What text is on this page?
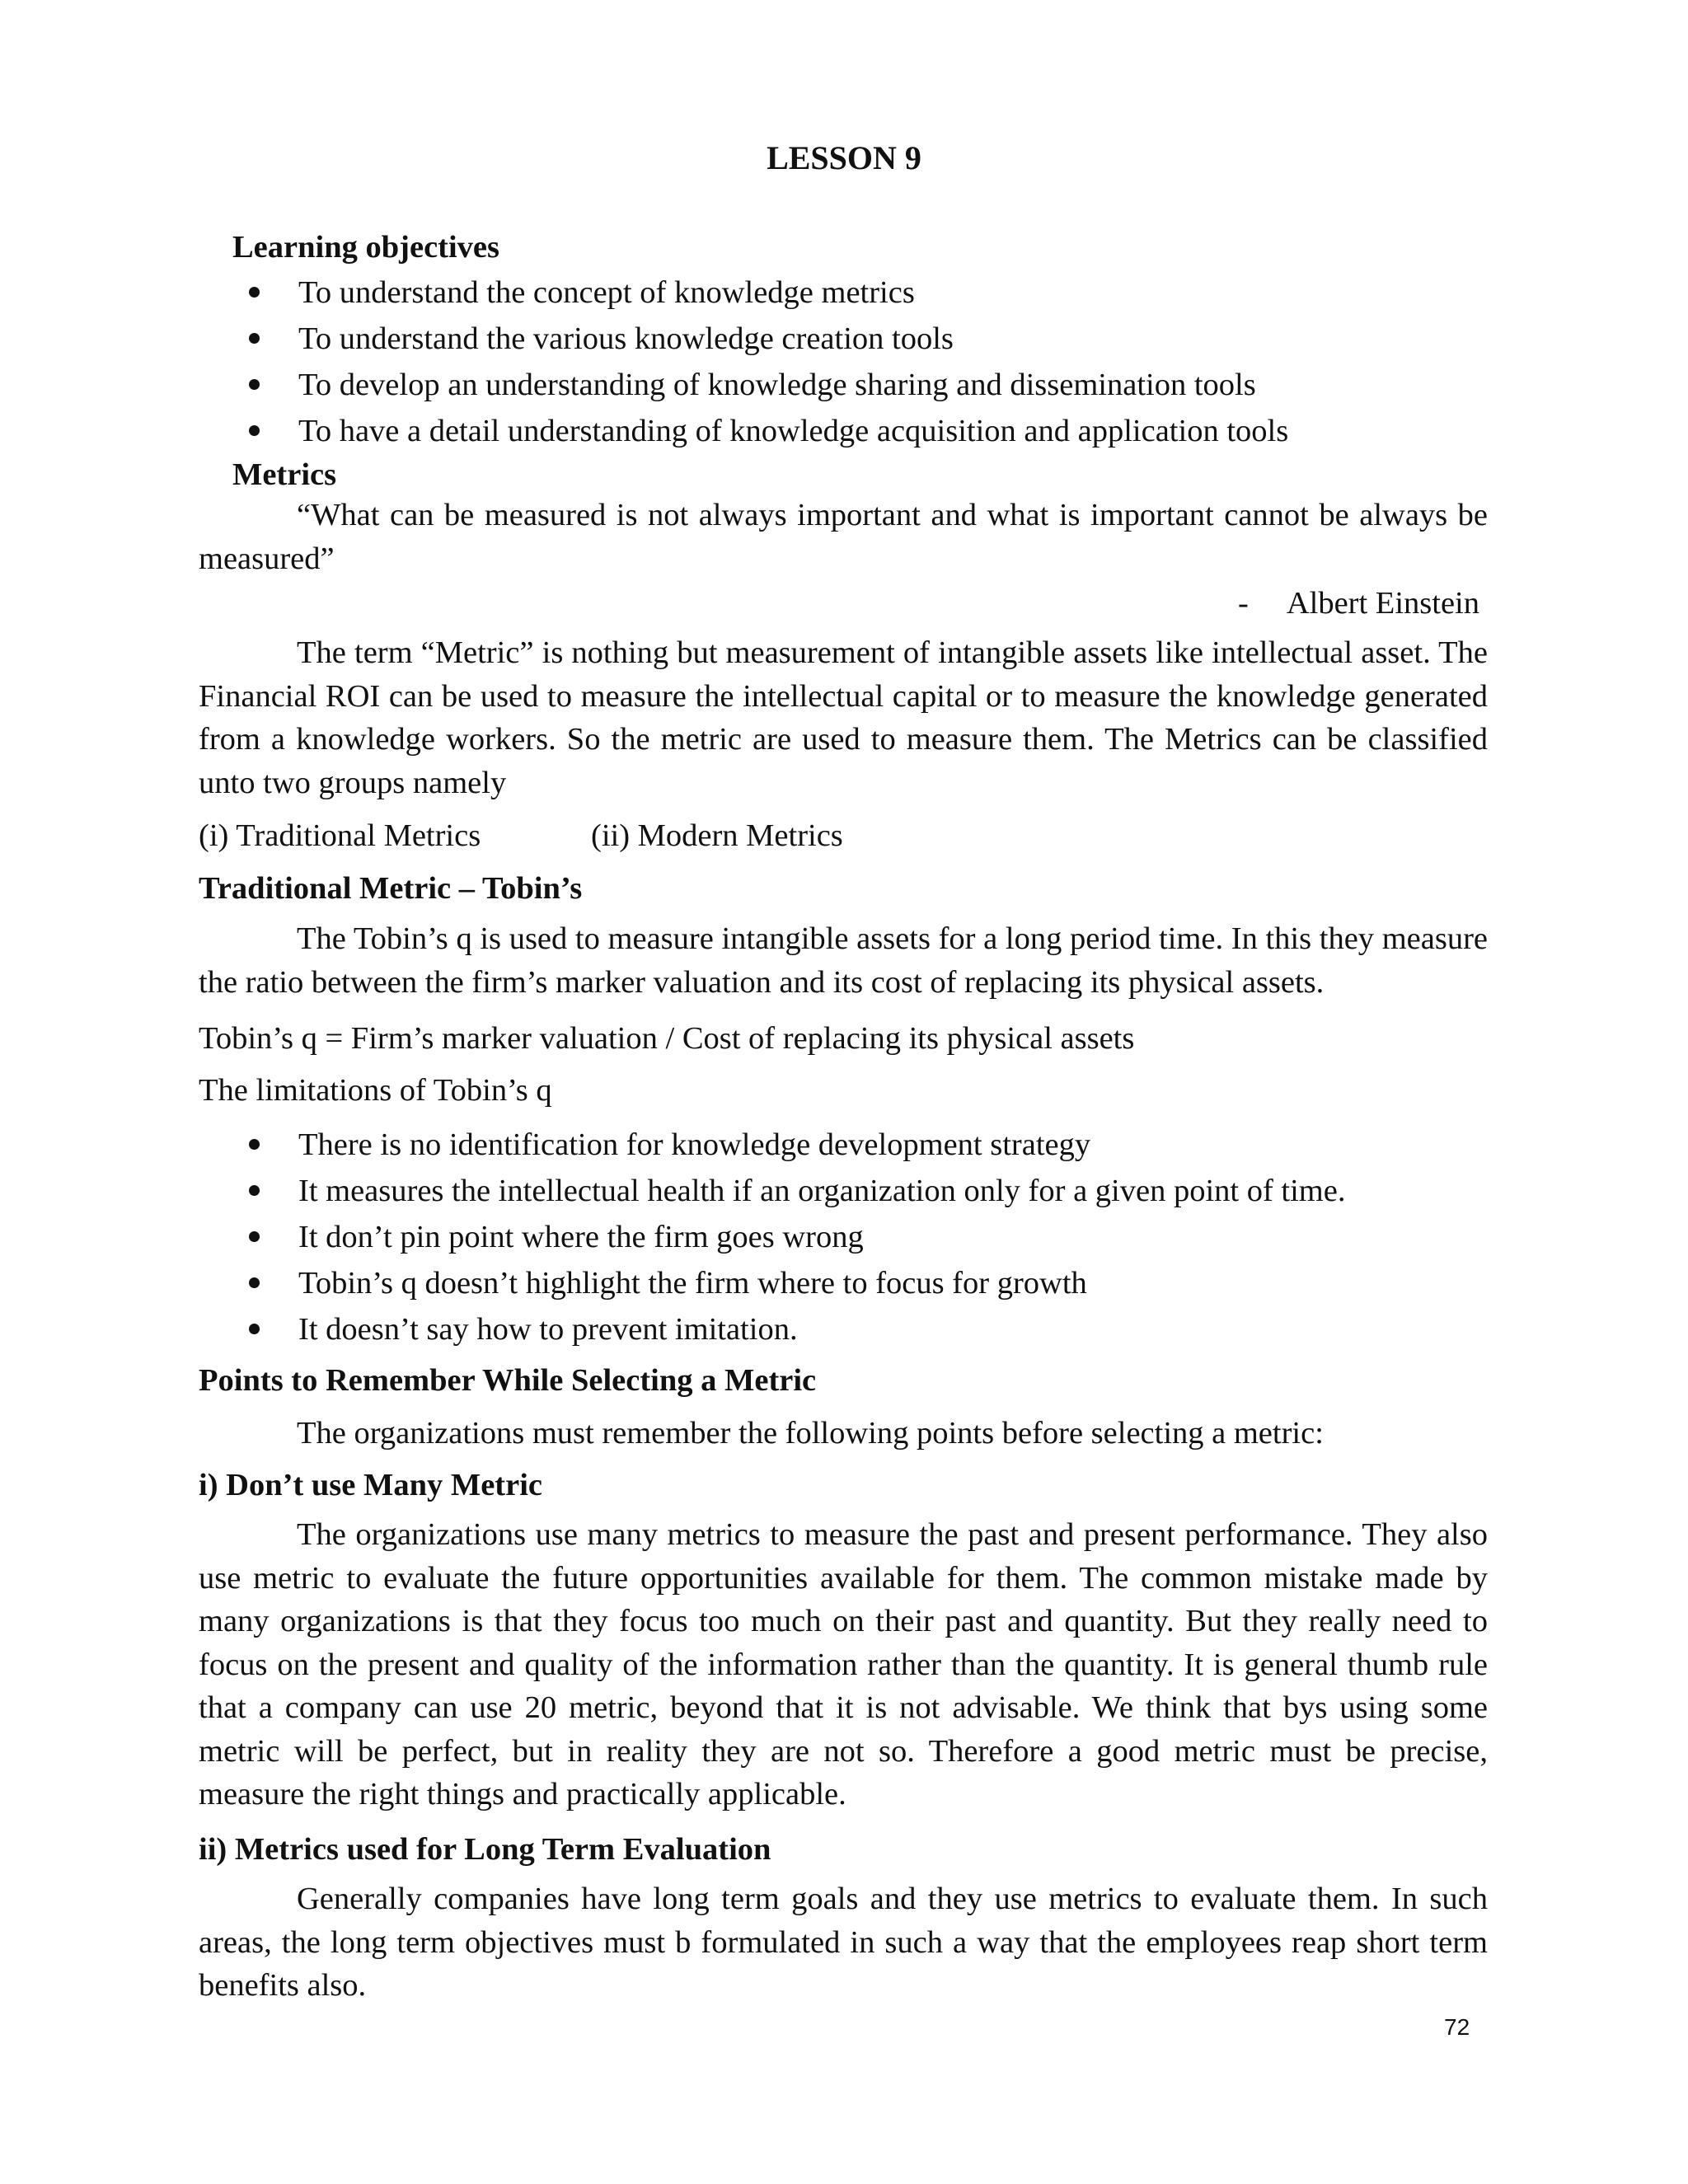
LESSON 9
Learning objectives
To understand the concept of knowledge metrics
To understand the various knowledge creation tools
To develop an understanding of knowledge sharing and dissemination tools
To have a detail understanding of knowledge acquisition and application tools
Metrics

“What can be measured is not always important and what is important cannot be always be measured”

-     Albert Einstein

The term “Metric” is nothing but measurement of intangible assets like intellectual asset. The Financial ROI can be used to measure the intellectual capital or to measure the knowledge generated from a knowledge workers. So the metric are used to measure them. The Metrics can be classified unto two groups namely

(i) Traditional Metrics	(ii) Modern Metrics
Traditional Metric – Tobin’s

The Tobin’s q is used to measure intangible assets for a long period time. In this they measure the ratio between the firm’s marker valuation and its cost of replacing its physical assets.

Tobin’s q = Firm’s marker valuation / Cost of replacing its physical assets
The limitations of Tobin’s q
There is no identification for knowledge development strategy
It measures the intellectual health if an organization only for a given point of time.
It don’t pin point where the firm goes wrong
Tobin’s q doesn’t highlight the firm where to focus for growth
It doesn’t say how to prevent imitation.
Points to Remember While Selecting a Metric
The organizations must remember the following points before selecting a metric:
i) Don’t use Many Metric

The organizations use many metrics to measure the past and present performance. They also use metric to evaluate the future opportunities available for them. The common mistake made by many organizations is that they focus too much on their past and quantity. But they really need to focus on the present and quality of the information rather than the quantity. It is general thumb rule that a company can use 20 metric, beyond that it is not advisable. We think that bys using some metric will be perfect, but in reality they are not so. Therefore a good metric must be precise, measure the right things and practically applicable.

ii) Metrics used for Long Term Evaluation

Generally companies have long term goals and they use metrics to evaluate them. In such areas, the long term objectives must b formulated in such a way that the employees reap short term benefits also.

72
